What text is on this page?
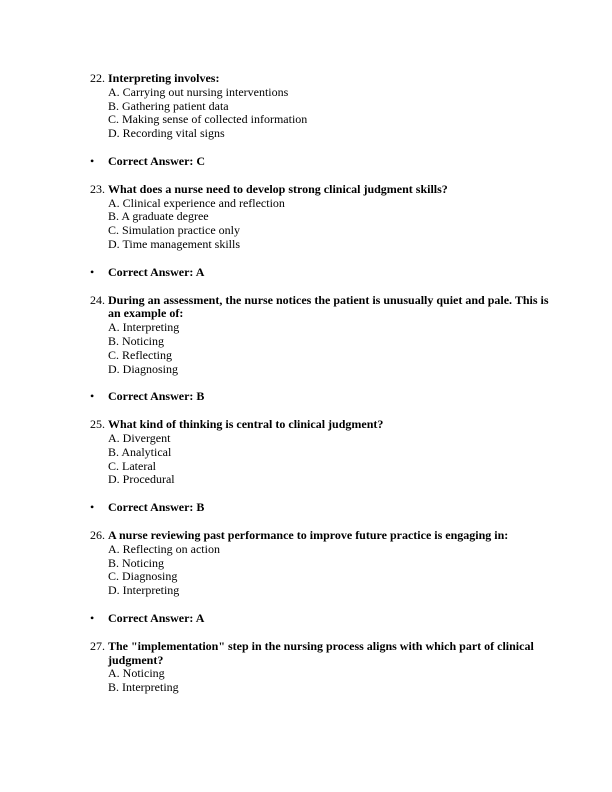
22. Interpreting involves:
A. Carrying out nursing interventions
B. Gathering patient data
C. Making sense of collected information
D. Recording vital signs
• Correct Answer: C
23. What does a nurse need to develop strong clinical judgment skills?
A. Clinical experience and reflection
B. A graduate degree
C. Simulation practice only
D. Time management skills
• Correct Answer: A
24. During an assessment, the nurse notices the patient is unusually quiet and pale. This is an example of:
A. Interpreting
B. Noticing
C. Reflecting
D. Diagnosing
• Correct Answer: B
25. What kind of thinking is central to clinical judgment?
A. Divergent
B. Analytical
C. Lateral
D. Procedural
• Correct Answer: B
26. A nurse reviewing past performance to improve future practice is engaging in:
A. Reflecting on action
B. Noticing
C. Diagnosing
D. Interpreting
• Correct Answer: A
27. The "implementation" step in the nursing process aligns with which part of clinical judgment?
A. Noticing
B. Interpreting
